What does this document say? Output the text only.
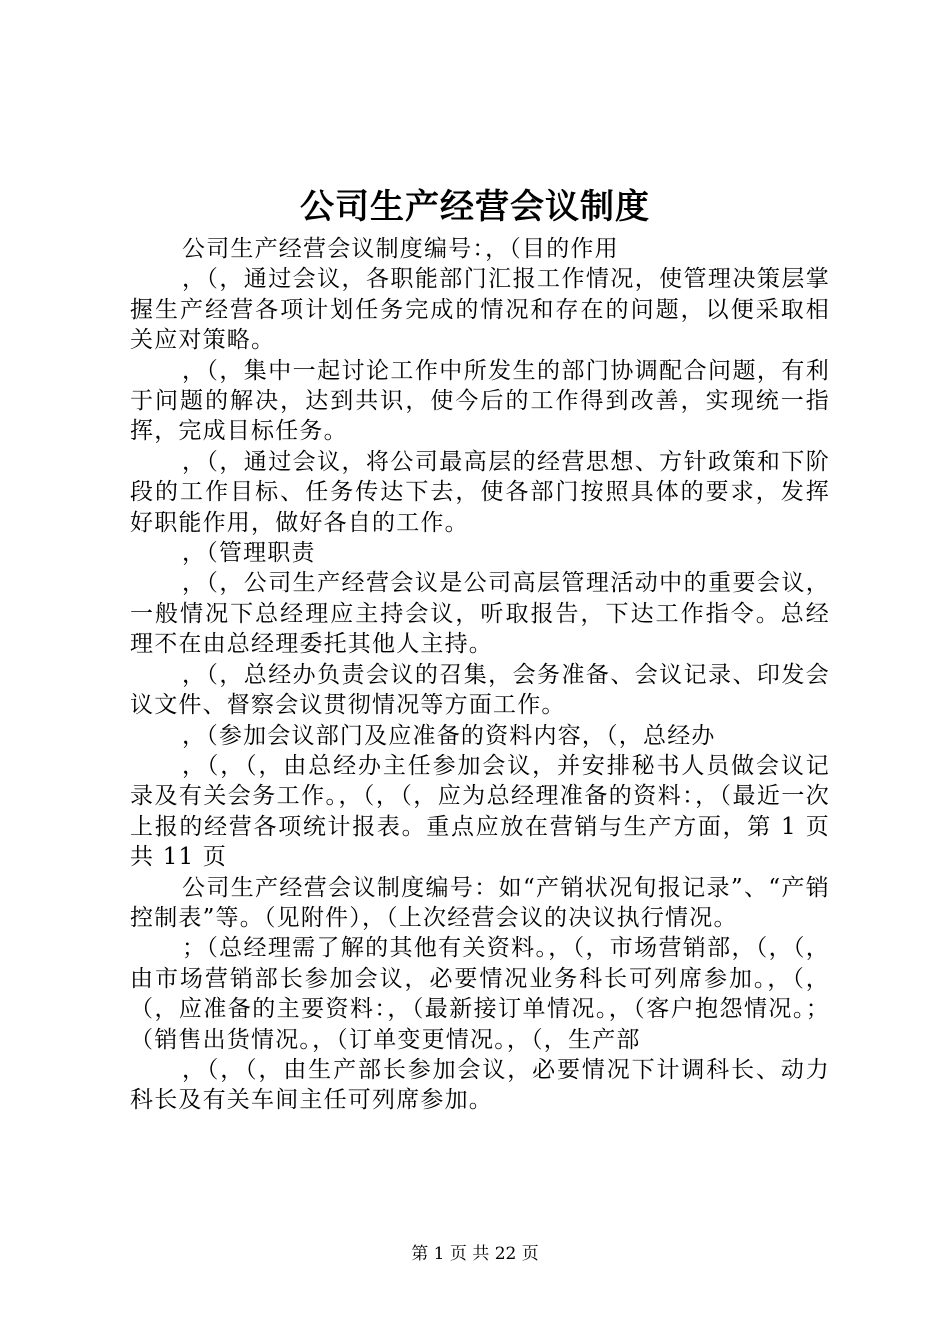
公司生产经营会议制度

公司生产经营会议制度编号：，（目的作用

，（，通过会议，各职能部门汇报工作情况，使管理决策层掌握生产经营各项计划任务完成的情况和存在的问题，以便采取相关应对策略。

，（，集中一起讨论工作中所发生的部门协调配合问题，有利于问题的解决，达到共识，使今后的工作得到改善，实现统一指挥，完成目标任务。

，（，通过会议，将公司最高层的经营思想、方针政策和下阶段的工作目标、任务传达下去，使各部门按照具体的要求，发挥好职能作用，做好各自的工作。

，（管理职责

，（，公司生产经营会议是公司高层管理活动中的重要会议，一般情况下总经理应主持会议，听取报告，下达工作指令。总经理不在由总经理委托其他人主持。

，（，总经办负责会议的召集，会务准备、会议记录、印发会议文件、督察会议贯彻情况等方面工作。

，（参加会议部门及应准备的资料内容，（，总经办

，（，（，由总经办主任参加会议，并安排秘书人员做会议记录及有关会务工作。，（，（，应为总经理准备的资料：，（最近一次上报的经营各项统计报表。重点应放在营销与生产方面，第 1 页共 11 页

公司生产经营会议制度编号：如“产销状况旬报记录”、“产销控制表”等。（见附件），（上次经营会议的决议执行情况。

；（总经理需了解的其他有关资料。，（，市场营销部，（，（，由市场营销部长参加会议，必要情况业务科长可列席参加。，（，（，应准备的主要资料：，（最新接订单情况。，（客户抱怨情况。；（销售出货情况。，（订单变更情况。，（，生产部

，（，（，由生产部长参加会议，必要情况下计调科长、动力科长及有关车间主任可列席参加。

第 1 页 共 22 页
